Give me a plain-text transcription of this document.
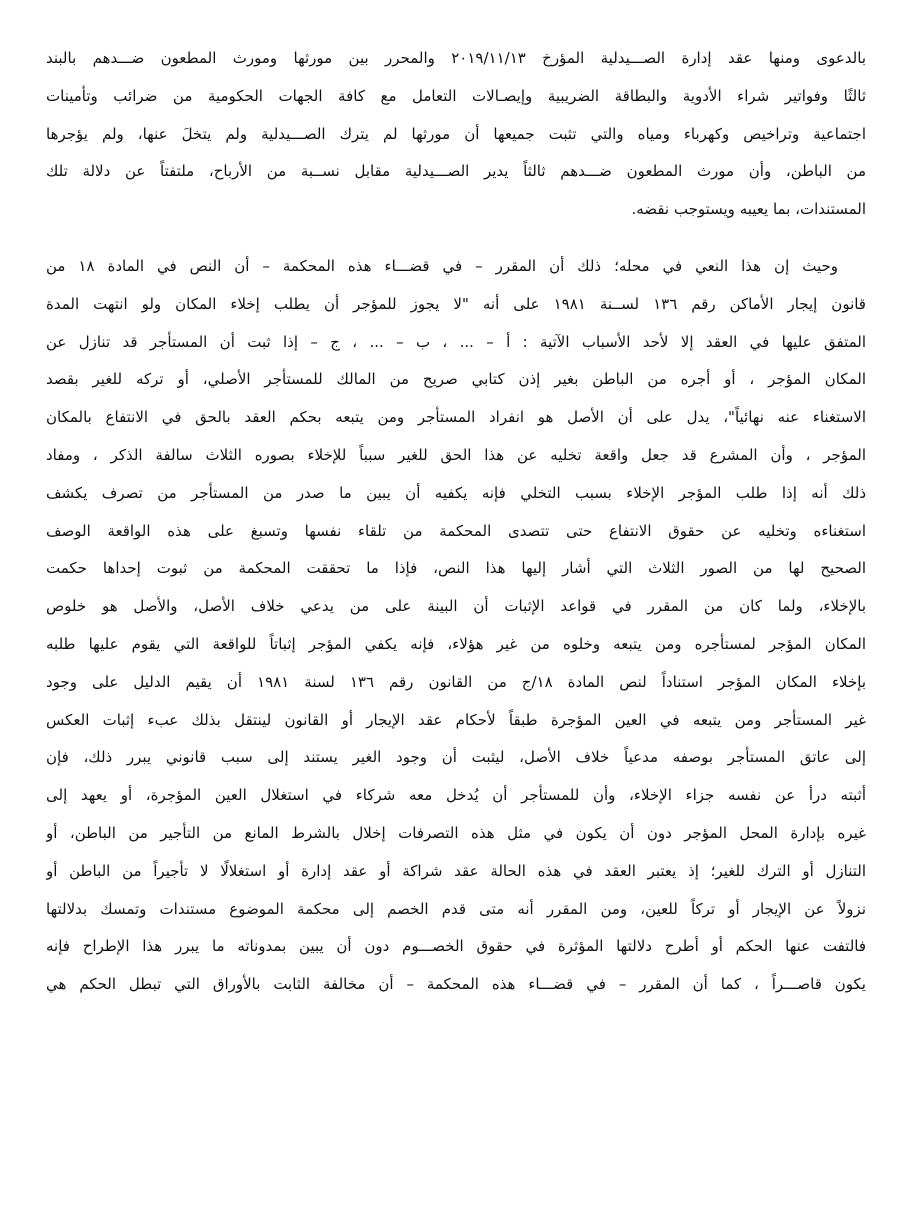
بالدعوى ومنها عقد إدارة الصـــيدلية المؤرخ ٢٠١٩/١١/١٣ والمحرر بين مورثها ومورث المطعون ضـــدهم بالبند
ثالثًا وفواتير شراء الأدوية والبطاقة الضريبية وإيصـالات التعامل مع كافة الجهات الحكومية من ضرائب وتأمينات
اجتماعية وتراخيص وكهرباء ومياه والتي تثبت جميعها أن مورثها لم يترك الصـــيدلية ولم يتخلَ عنها، ولم يؤجرها
من الباطن، وأن مورث المطعون ضـــدهم ثالثاً يدير الصـــيدلية مقابل نســبة من الأرباح، ملتفتاً عن دلالة تلك
المستندات، بما يعيبه ويستوجب نقضه.
وحيث إن هذا النعي في محله؛ ذلك أن المقرر – في قضـــاء هذه المحكمة – أن النص في المادة ١٨ من
قانون إيجار الأماكن رقم ١٣٦ لســنة ١٩٨١ على أنه "لا يجوز للمؤجر أن يطلب إخلاء المكان ولو انتهت المدة
المتفق عليها في العقد إلا لأحد الأسباب الآتية : أ – ... ، ب – ... ، ج – إذا ثبت أن المستأجر قد تنازل عن
المكان المؤجر ، أو أجره من الباطن بغير إذن كتابي صريح من المالك للمستأجر الأصلي، أو تركه للغير بقصد
الاستغناء عنه نهائياً"، يدل على أن الأصل هو انفراد المستأجر ومن يتبعه بحكم العقد بالحق في الانتفاع بالمكان
المؤجر ، وأن المشرع قد جعل واقعة تخليه عن هذا الحق للغير سبباً للإخلاء بصوره الثلاث سالفة الذكر ، ومفاد
ذلك أنه إذا طلب المؤجر الإخلاء بسبب التخلي فإنه يكفيه أن يبين ما صدر من المستأجر من تصرف يكشف
استغناءه وتخليه عن حقوق الانتفاع حتى تتصدى المحكمة من تلقاء نفسها وتسبغ على هذه الواقعة الوصف
الصحيح لها من الصور الثلاث التي أشار إليها هذا النص، فإذا ما تحققت المحكمة من ثبوت إحداها حكمت
بالإخلاء، ولما كان من المقرر في قواعد الإثبات أن البينة على من يدعي خلاف الأصل، والأصل هو خلوص
المكان المؤجر لمستأجره ومن يتبعه وخلوه من غير هؤلاء، فإنه يكفي المؤجر إثباتاً للواقعة التي يقوم عليها طلبه
بإخلاء المكان المؤجر استناداً لنص المادة ١٨/ج من القانون رقم ١٣٦ لسنة ١٩٨١ أن يقيم الدليل على وجود
غير المستأجر ومن يتبعه في العين المؤجرة طبقاً لأحكام عقد الإيجار أو القانون لينتقل بذلك عبء إثبات العكس
إلى عاتق المستأجر بوصفه مدعياً خلاف الأصل، ليثبت أن وجود الغير يستند إلى سبب قانوني يبرر ذلك، فإن
أثبته درأ عن نفسه جزاء الإخلاء، وأن للمستأجر أن يُدخل معه شركاء في استغلال العين المؤجرة، أو يعهد إلى
غيره بإدارة المحل المؤجر دون أن يكون في مثل هذه التصرفات إخلال بالشرط المانع من التأجير من الباطن، أو
التنازل أو الترك للغير؛ إذ يعتبر العقد في هذه الحالة عقد شراكة أو عقد إدارة أو استغلالًا لا تأجيراً من الباطن أو
نزولاً عن الإيجار أو تركاً للعين، ومن المقرر أنه متى قدم الخصم إلى محكمة الموضوع مستندات وتمسك بدلالتها
فالتفت عنها الحكم أو أطرح دلالتها المؤثرة في حقوق الخصـــوم دون أن يبين بمدوناته ما يبرر هذا الإطراح فإنه
يكون قاصـــراً ، كما أن المقرر – في قضـــاء هذه المحكمة – أن مخالفة الثابت بالأوراق التي تبطل الحكم هي
